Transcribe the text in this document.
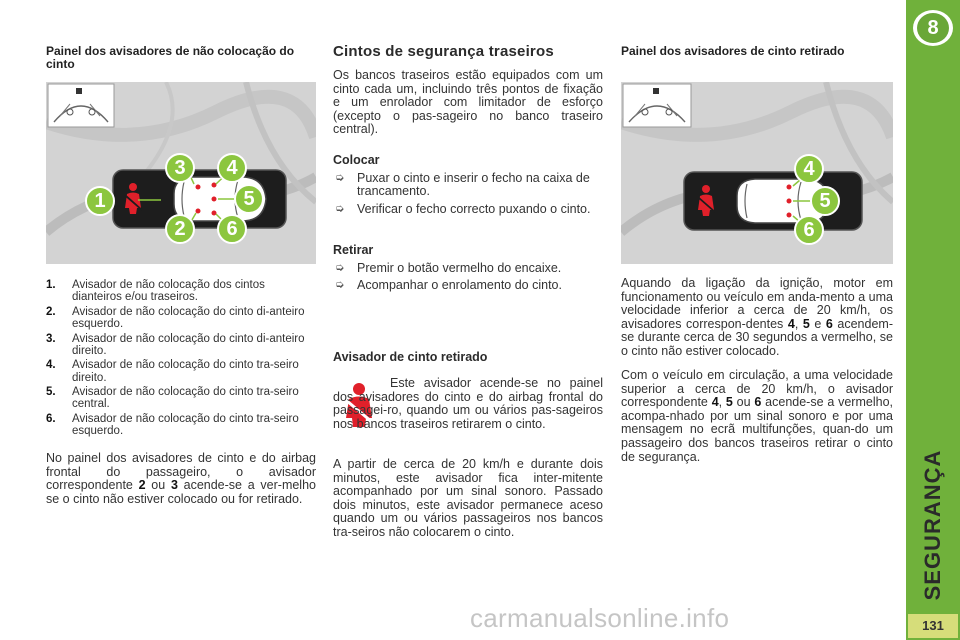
Painel dos avisadores de não colocação do cinto
1
2
3	4
5
6
1. Avisador de não colocação dos cintos dianteiros e/ou traseiros.
2. Avisador de não colocação do cinto di-anteiro esquerdo.
3. Avisador de não colocação do cinto di-anteiro direito.
4. Avisador de não colocação do cinto tra-seiro direito.
5. Avisador de não colocação do cinto tra-seiro central.
6. Avisador de não colocação do cinto tra-seiro esquerdo.

No painel dos avisadores de cinto e do airbag frontal do passageiro, o avisador correspondente 2 ou 3 acende-se a ver-melho se o cinto não estiver colocado ou for retirado.

Cintos de segurança traseiros

Os bancos traseiros estão equipados com um cinto cada um, incluindo três pontos de fixação e um enrolador com limitador de esforço (excepto o pas-sageiro no banco traseiro central).

Colocar
➭ Puxar o cinto e inserir o fecho na caixa de trancamento.
➭ Verificar o fecho correcto puxando o cinto.
Retirar
➭ Premir o botão vermelho do encaixe.
➭ Acompanhar o enrolamento do cinto.
Avisador de cinto retirado

Este avisador acende-se no painel dos avisadores do cinto e do airbag frontal do passagei-ro, quando um ou vários pas-sageiros nos bancos traseiros retirarem o cinto.

A partir de cerca de 20 km/h e durante dois minutos, este avisador fica inter-mitente acompanhado por um sinal sonoro. Passado dois minutos, este avisador permanece aceso quando um ou vários passageiros nos bancos tra-seiros não colocarem o cinto.

Painel dos avisadores de cinto retirado
4
5
6

Aquando da ligação da ignição, motor em funcionamento ou veículo em anda-mento a uma velocidade inferior a cerca de 20 km/h, os avisadores correspon-dentes 4, 5 e 6 acendem-se durante cerca de 30 segundos a vermelho, se o cinto não estiver colocado.

Com o veículo em circulação, a uma velocidade superior a cerca de 20 km/h, o avisador correspondente 4, 5 ou 6 acende-se a vermelho, acompa-nhado por um sinal sonoro e por uma mensagem no ecrã multifunções, quan-do um passageiro dos bancos traseiros retirar o cinto de segurança.

8
SEGURANÇA
131
carmanualsonline.info
